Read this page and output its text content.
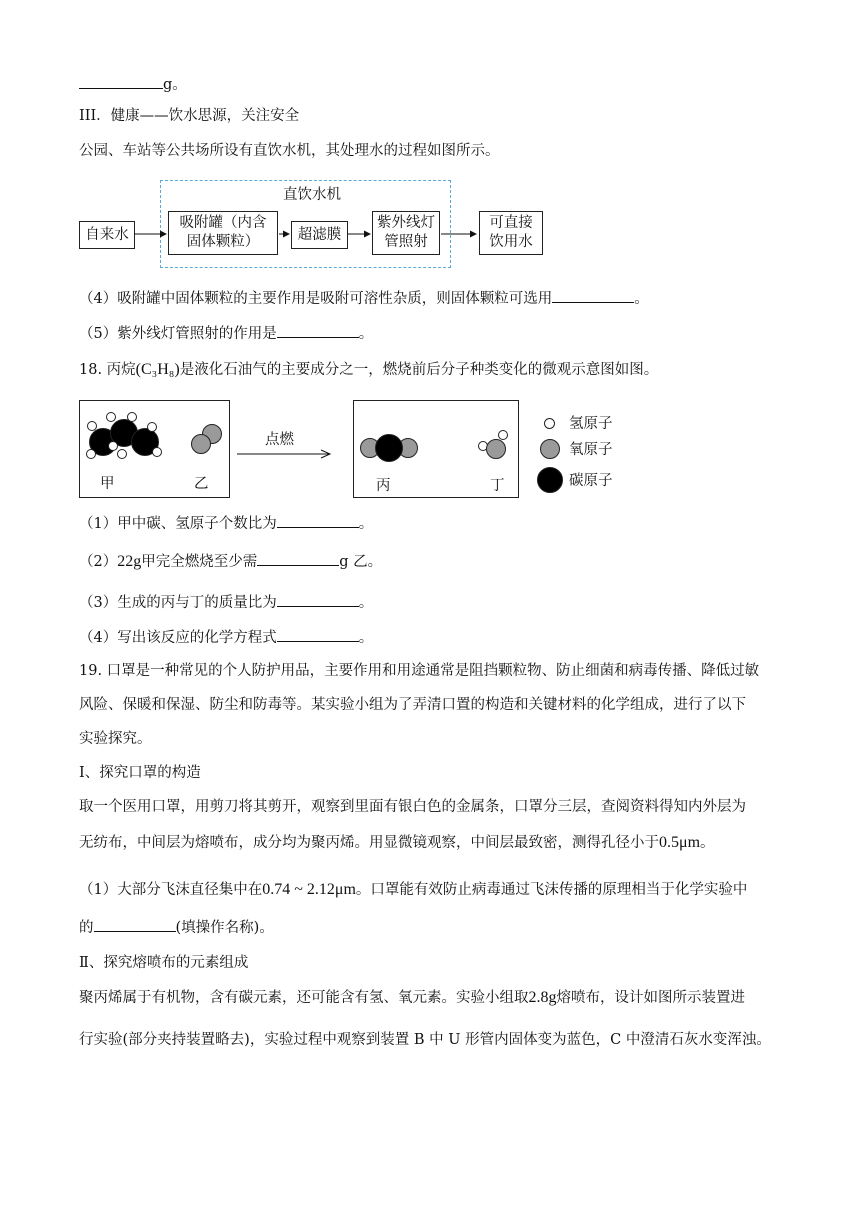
g。
III．健康——饮水思源，关注安全
公园、车站等公共场所设有直饮水机，其处理水的过程如图所示。
直饮水机
自来水
吸附罐（内含固体颗粒）	超滤膜
紫外线灯管照射
可直接饮用水
（4）吸附罐中固体颗粒的主要作用是吸附可溶性杂质，则固体颗粒可选用	。
（5）紫外线灯管照射的作用是	。
18. 丙烷(C₃H₈)是液化石油气的主要成分之一，燃烧前后分子种类变化的微观示意图如图。
甲	乙
点燃
丙	丁
氢原子
氧原子
碳原子
（1）甲中碳、氢原子个数比为	。
（2）22g甲完全燃烧至少需	g 乙。
（3）生成的丙与丁的质量比为	。
（4）写出该反应的化学方程式	。
19. 口罩是一种常见的个人防护用品，主要作用和用途通常是阻挡颗粒物、防止细菌和病毒传播、降低过敏
风险、保暖和保湿、防尘和防毒等。某实验小组为了弄清口置的构造和关键材料的化学组成，进行了以下
实验探究。
Ⅰ、探究口罩的构造
取一个医用口罩，用剪刀将其剪开，观察到里面有银白色的金属条，口罩分三层，查阅资料得知内外层为
无纺布，中间层为熔喷布，成分均为聚丙烯。用显微镜观察，中间层最致密，测得孔径小于0.5μm。
（1）大部分飞沫直径集中在0.74 ~ 2.12μm。口罩能有效防止病毒通过飞沫传播的原理相当于化学实验中
的	(填操作名称)。
Ⅱ、探究熔喷布的元素组成
聚丙烯属于有机物，含有碳元素，还可能含有氢、氧元素。实验小组取2.8g熔喷布，设计如图所示装置进
行实验(部分夹持装置略去)，实验过程中观察到装置 B 中 U 形管内固体变为蓝色，C 中澄清石灰水变浑浊。
